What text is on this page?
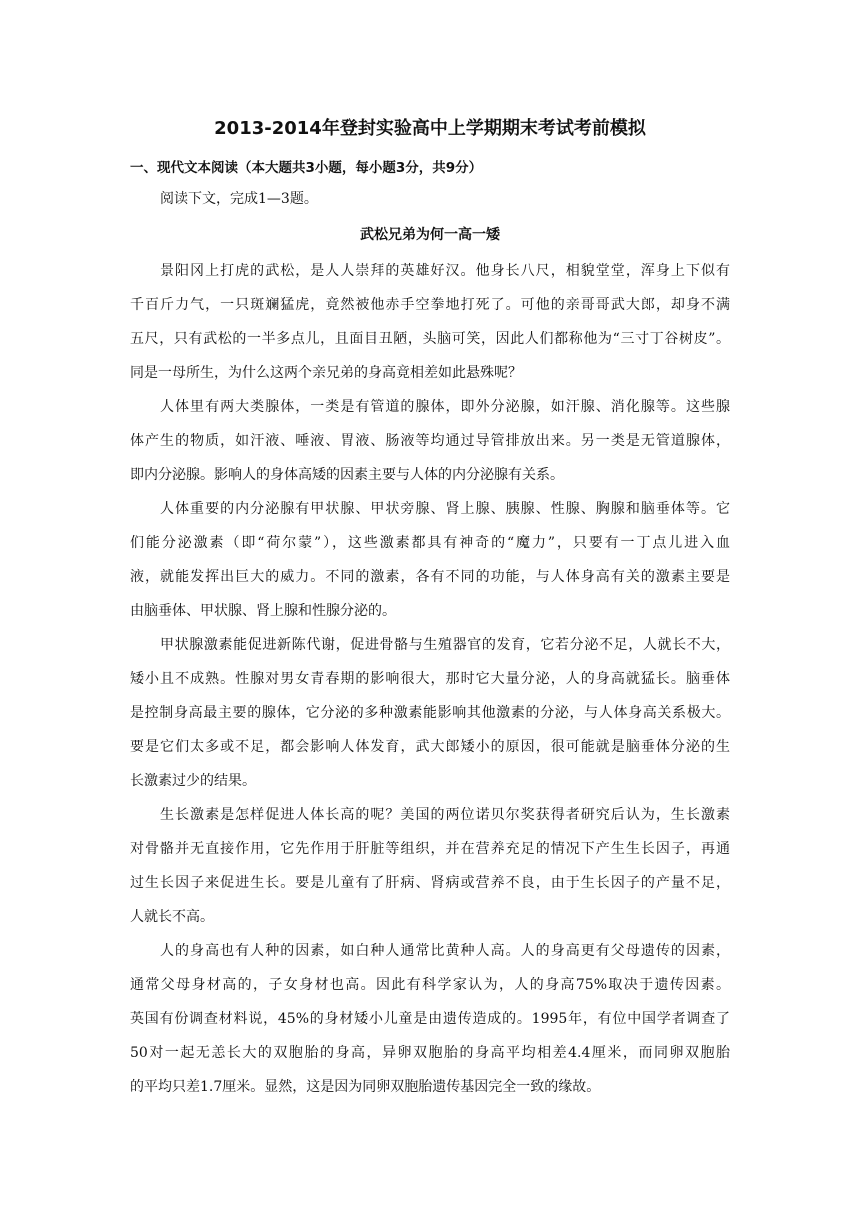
2013-2014年登封实验高中上学期期末考试考前模拟
一、现代文本阅读（本大题共3小题，每小题3分，共9分）
阅读下文，完成1—3题。
武松兄弟为何一高一矮
景阳冈上打虎的武松，是人人崇拜的英雄好汉。他身长八尺，相貌堂堂，浑身上下似有
千百斤力气，一只斑斓猛虎，竟然被他赤手空拳地打死了。可他的亲哥哥武大郎，却身不满
五尺，只有武松的一半多点儿，且面目丑陋，头脑可笑，因此人们都称他为“三寸丁谷树皮”。
同是一母所生，为什么这两个亲兄弟的身高竟相差如此悬殊呢？
人体里有两大类腺体，一类是有管道的腺体，即外分泌腺，如汗腺、消化腺等。这些腺
体产生的物质，如汗液、唾液、胃液、肠液等均通过导管排放出来。另一类是无管道腺体，
即内分泌腺。影响人的身体高矮的因素主要与人体的内分泌腺有关系。
人体重要的内分泌腺有甲状腺、甲状旁腺、肾上腺、胰腺、性腺、胸腺和脑垂体等。它
们能分泌激素（即“荷尔蒙”），这些激素都具有神奇的“魔力”，只要有一丁点儿进入血
液，就能发挥出巨大的威力。不同的激素，各有不同的功能，与人体身高有关的激素主要是
由脑垂体、甲状腺、肾上腺和性腺分泌的。
甲状腺激素能促进新陈代谢，促进骨骼与生殖器官的发育，它若分泌不足，人就长不大，
矮小且不成熟。性腺对男女青春期的影响很大，那时它大量分泌，人的身高就猛长。脑垂体
是控制身高最主要的腺体，它分泌的多种激素能影响其他激素的分泌，与人体身高关系极大。
要是它们太多或不足，都会影响人体发育，武大郎矮小的原因，很可能就是脑垂体分泌的生
长激素过少的结果。
生长激素是怎样促进人体长高的呢？美国的两位诺贝尔奖获得者研究后认为，生长激素
对骨骼并无直接作用，它先作用于肝脏等组织，并在营养充足的情况下产生生长因子，再通
过生长因子来促进生长。要是儿童有了肝病、肾病或营养不良，由于生长因子的产量不足，
人就长不高。
人的身高也有人种的因素，如白种人通常比黄种人高。人的身高更有父母遗传的因素，
通常父母身材高的，子女身材也高。因此有科学家认为，人的身高75%取决于遗传因素。
英国有份调查材料说，45%的身材矮小儿童是由遗传造成的。1995年，有位中国学者调查了
50对一起无恙长大的双胞胎的身高，异卵双胞胎的身高平均相差4.4厘米，而同卵双胞胎
的平均只差1.7厘米。显然，这是因为同卵双胞胎遗传基因完全一致的缘故。
